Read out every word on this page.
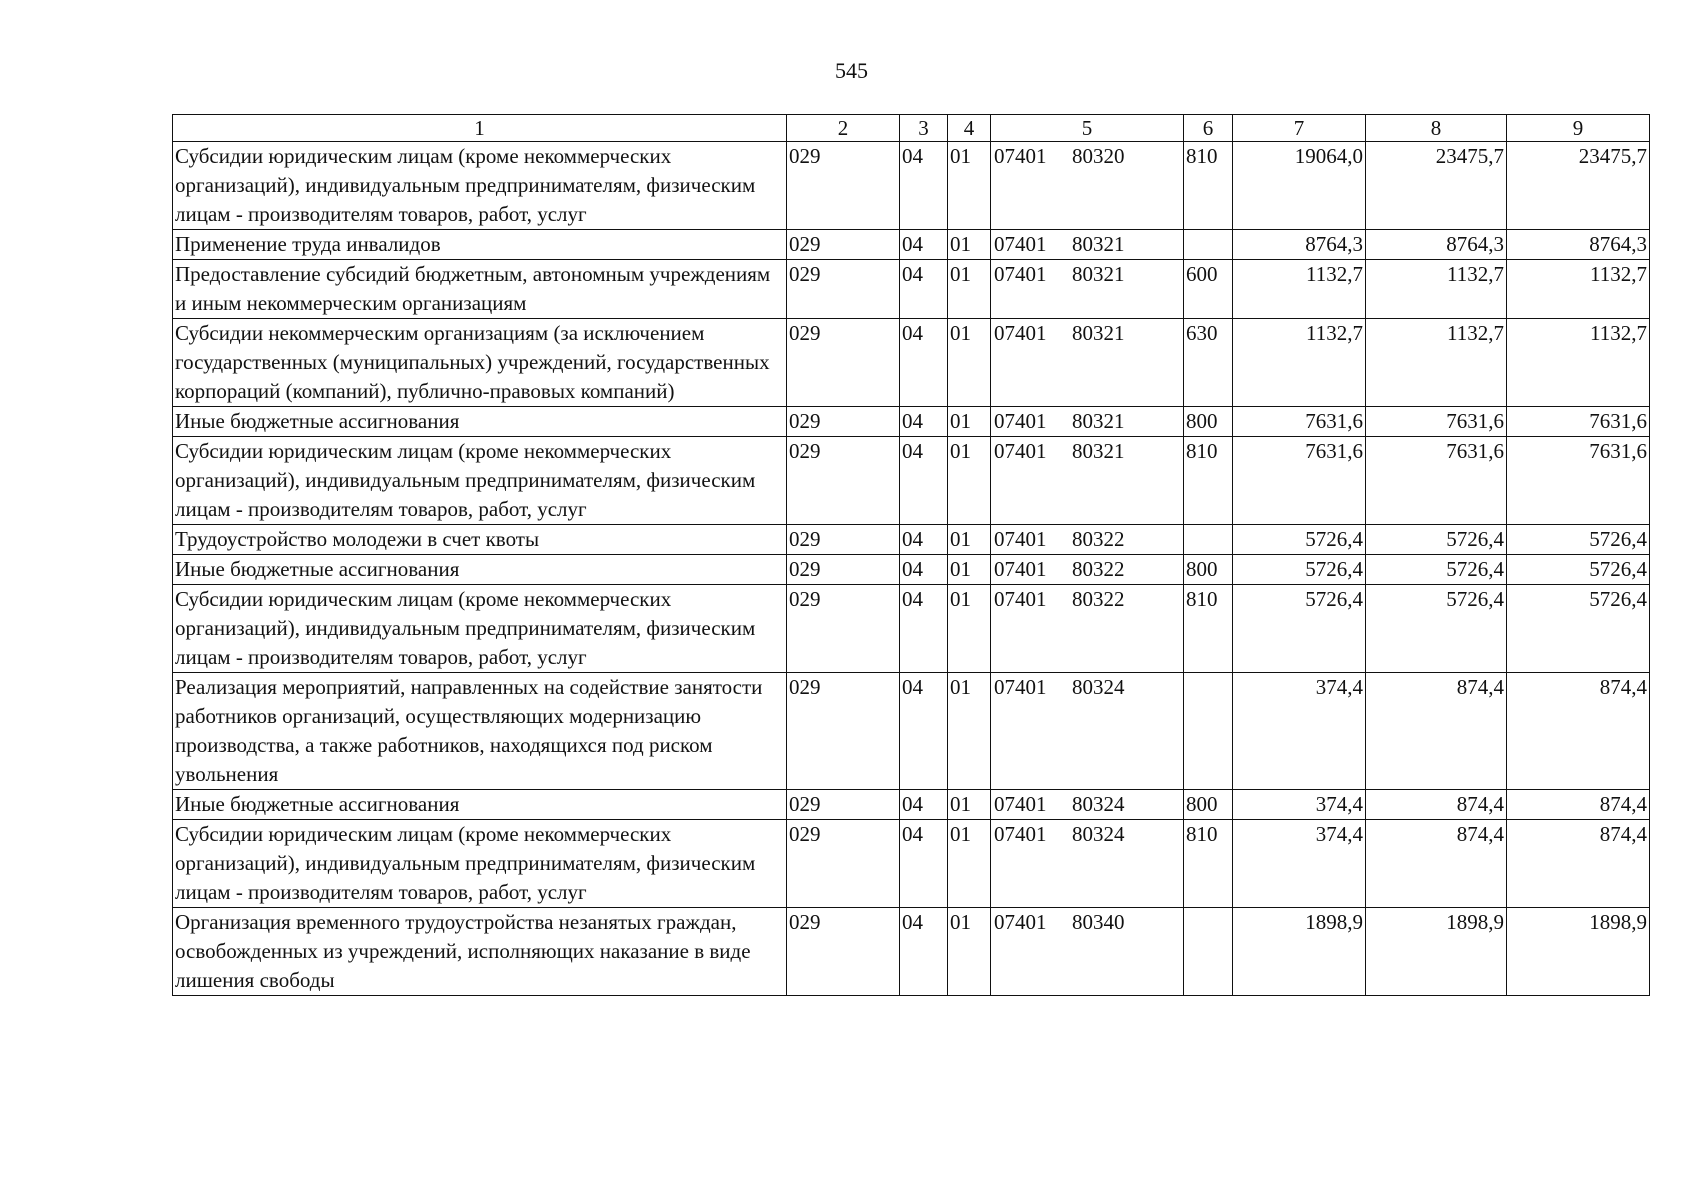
545
1	2	3	4	5	6	7	8	9
Субсидии юридическим лицам (кроме некоммерческих организаций), индивидуальным предпринимателям, физическим лицам - производителям товаров, работ, услуг	029	04	01	07401 80320	810	19064,0	23475,7	23475,7
Применение труда инвалидов	029	04	01	07401 80321		8764,3	8764,3	8764,3
Предоставление субсидий бюджетным, автономным учреждениям и иным некоммерческим организациям	029	04	01	07401 80321	600	1132,7	1132,7	1132,7
Субсидии некоммерческим организациям (за исключением государственных (муниципальных) учреждений, государственных корпораций (компаний), публично-правовых компаний)	029	04	01	07401 80321	630	1132,7	1132,7	1132,7
Иные бюджетные ассигнования	029	04	01	07401 80321	800	7631,6	7631,6	7631,6
Субсидии юридическим лицам (кроме некоммерческих организаций), индивидуальным предпринимателям, физическим лицам - производителям товаров, работ, услуг	029	04	01	07401 80321	810	7631,6	7631,6	7631,6
Трудоустройство молодежи в счет квоты	029	04	01	07401 80322		5726,4	5726,4	5726,4
Иные бюджетные ассигнования	029	04	01	07401 80322	800	5726,4	5726,4	5726,4
Субсидии юридическим лицам (кроме некоммерческих организаций), индивидуальным предпринимателям, физическим лицам - производителям товаров, работ, услуг	029	04	01	07401 80322	810	5726,4	5726,4	5726,4
Реализация мероприятий, направленных на содействие занятости работников организаций, осуществляющих модернизацию производства, а также работников, находящихся под риском увольнения	029	04	01	07401 80324		374,4	874,4	874,4
Иные бюджетные ассигнования	029	04	01	07401 80324	800	374,4	874,4	874,4
Субсидии юридическим лицам (кроме некоммерческих организаций), индивидуальным предпринимателям, физическим лицам - производителям товаров, работ, услуг	029	04	01	07401 80324	810	374,4	874,4	874,4
Организация временного трудоустройства незанятых граждан, освобожденных из учреждений, исполняющих наказание в виде лишения свободы	029	04	01	07401 80340		1898,9	1898,9	1898,9
